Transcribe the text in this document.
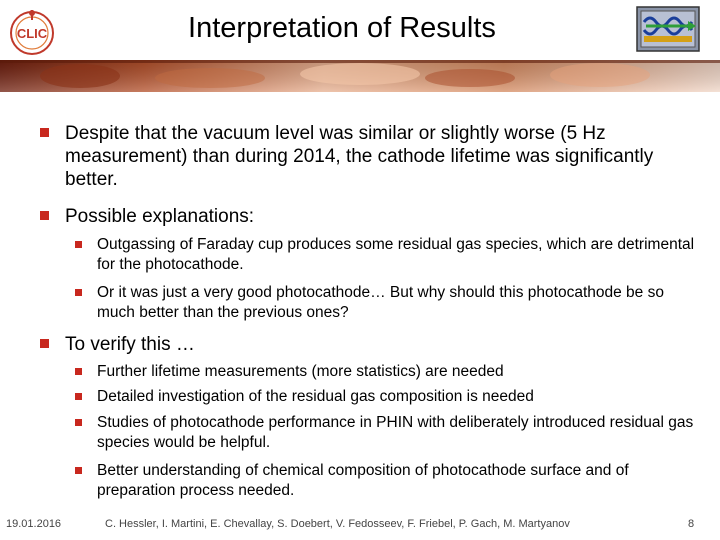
CLIC	Interpretation of Results
Despite that the vacuum level was similar or slightly worse (5 Hz measurement) than during 2014, the cathode lifetime was significantly better.
Possible explanations:
Outgassing of Faraday cup produces some residual gas species, which are detrimental for the photocathode.
Or it was just a very good photocathode… But why should this photocathode be so much better than the previous ones?
To verify this …
Further lifetime measurements (more statistics) are needed
Detailed investigation of the residual gas composition is needed
Studies of photocathode performance in PHIN with deliberately introduced residual gas species would be helpful.
Better understanding of chemical composition of photocathode surface and of preparation process needed.
19.01.2016	C. Hessler, I. Martini, E. Chevallay, S. Doebert, V. Fedosseev, F. Friebel, P. Gach, M. Martyanov	8
